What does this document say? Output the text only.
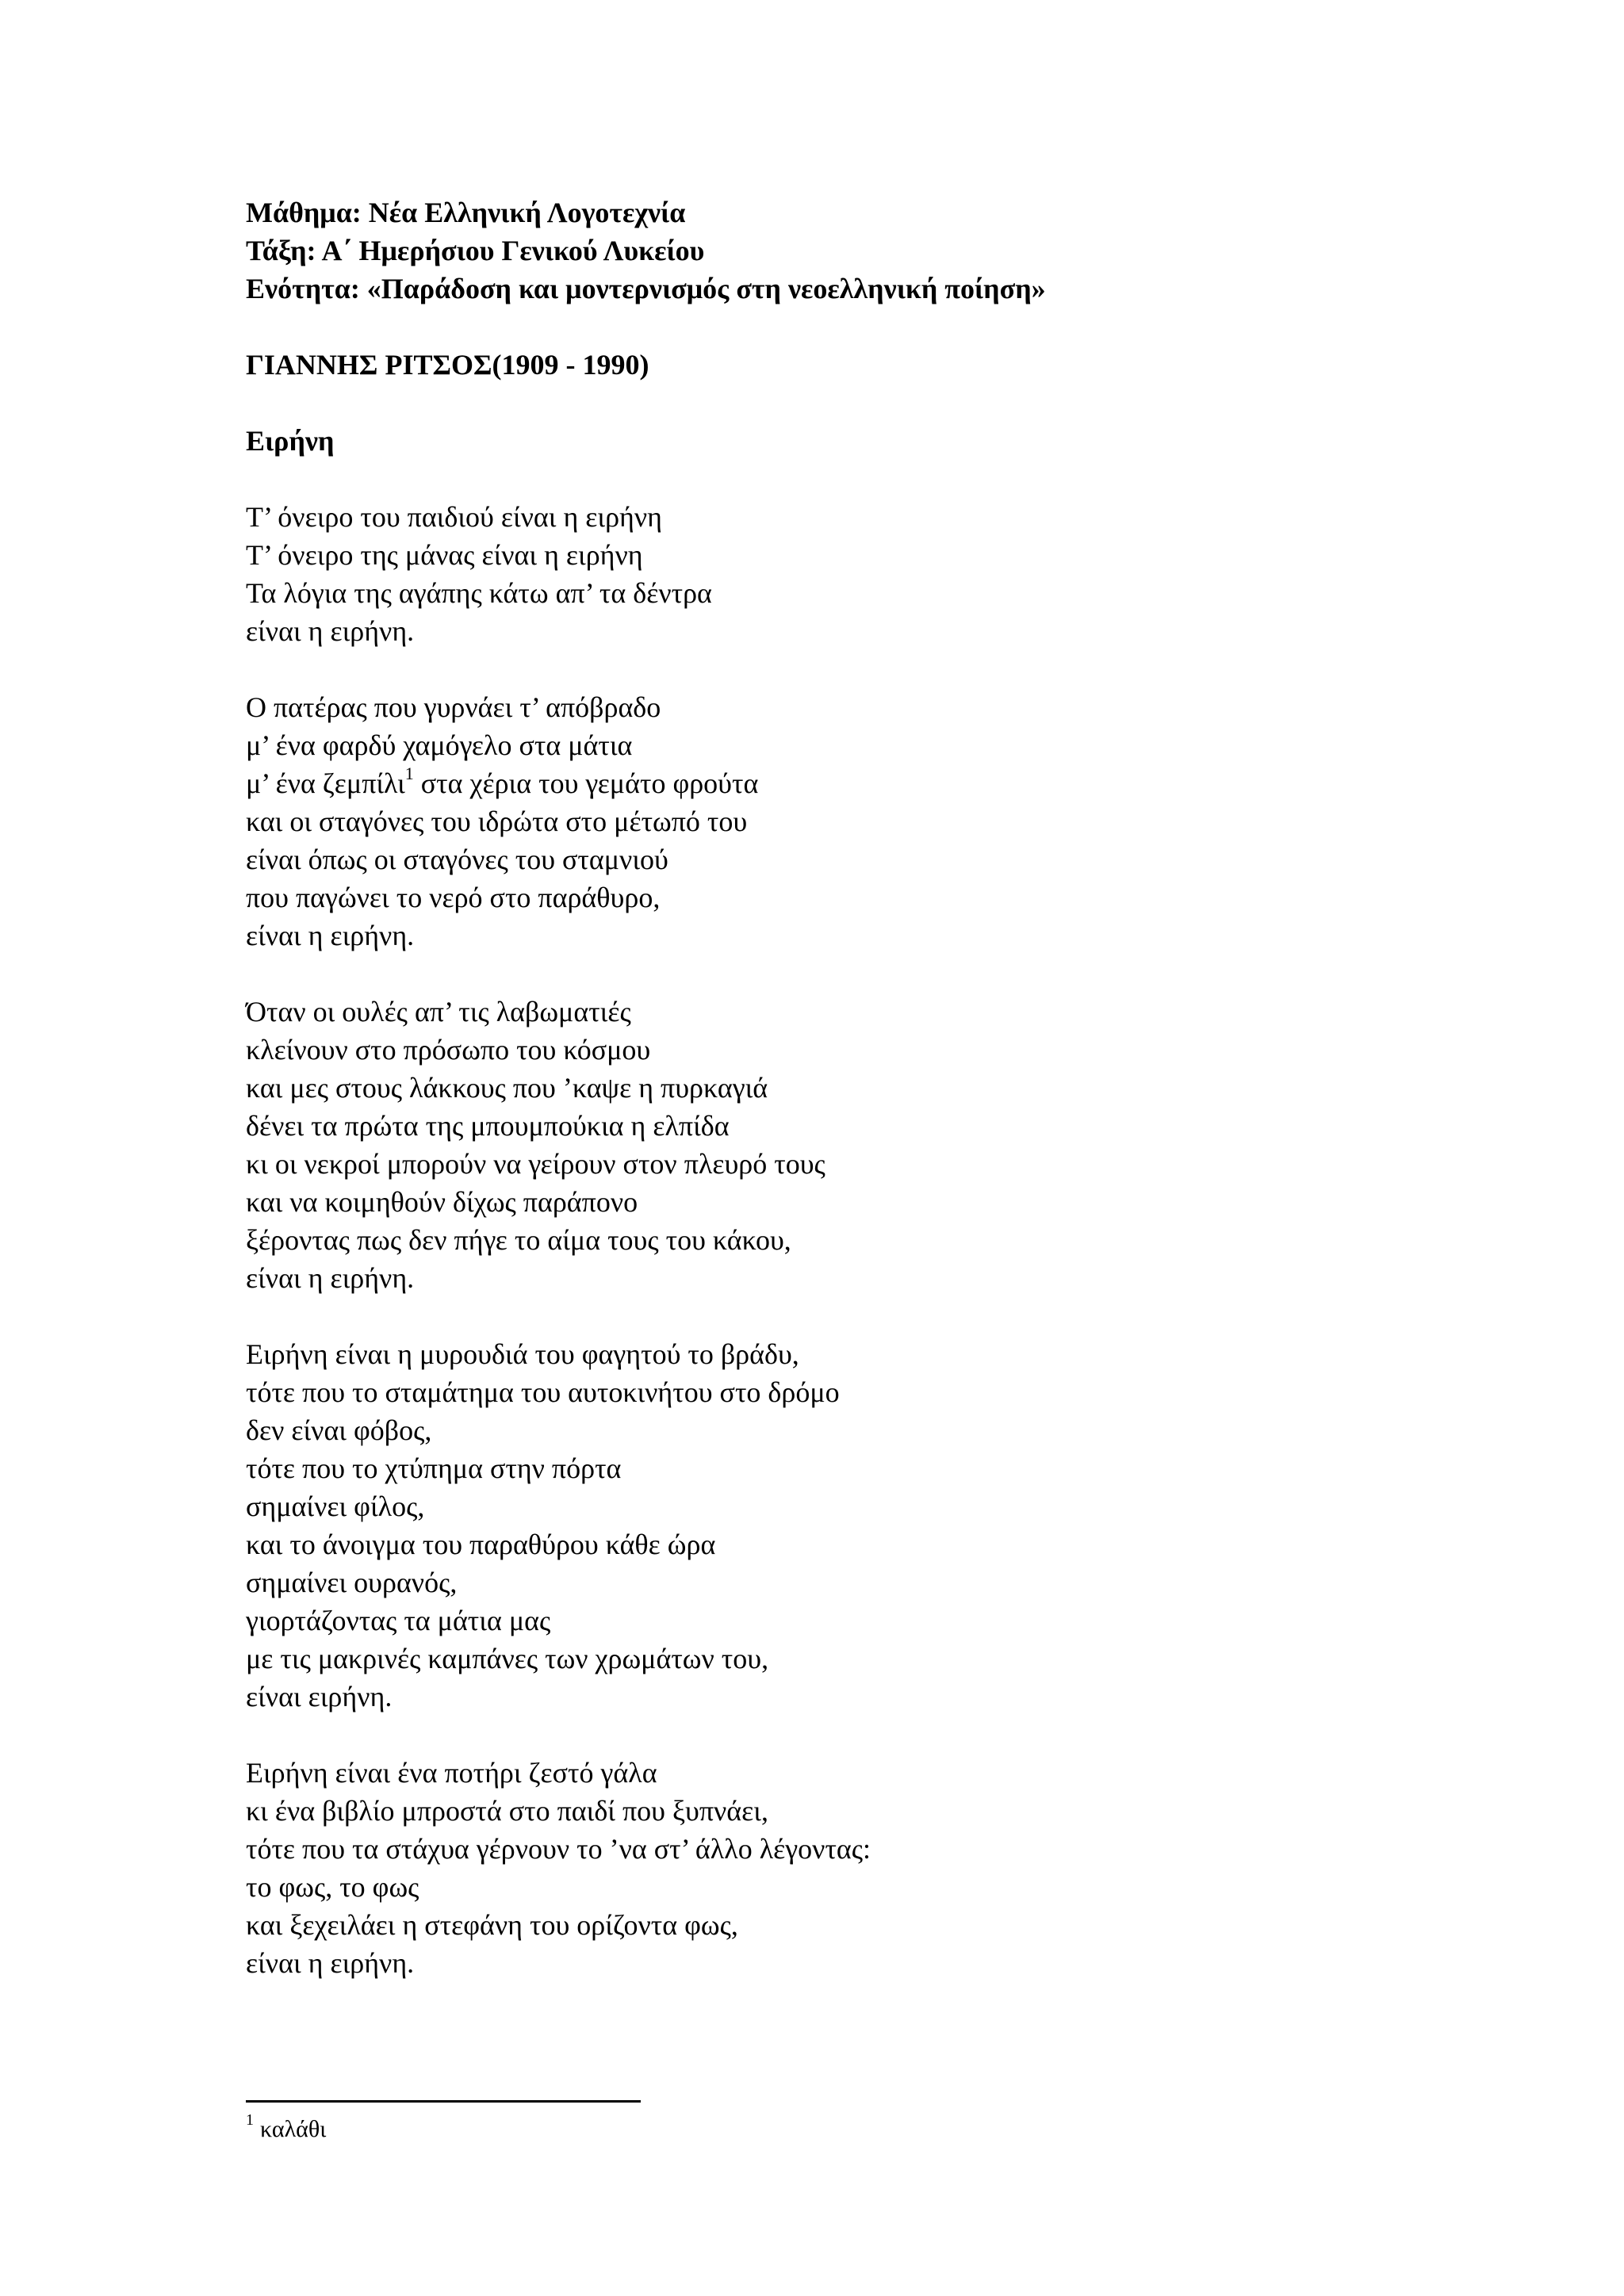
Μάθημα: Νέα Ελληνική Λογοτεχνία

Τάξη: Α΄ Ημερήσιου Γενικού Λυκείου

Ενότητα: «Παράδοση και μοντερνισμός στη νεοελληνική ποίηση»

ΓΙΑΝΝΗΣ ΡΙΤΣΟΣ(1909 - 1990)

Ειρήνη

Τ’ όνειρο του παιδιού είναι η ειρήνη

Τ’ όνειρο της μάνας είναι η ειρήνη

Τα λόγια της αγάπης κάτω απ’ τα δέντρα

είναι η ειρήνη.

Ο πατέρας που γυρνάει τ’ απόβραδο

μ’ ένα φαρδύ χαμόγελο στα μάτια

μ’ ένα ζεμπίλι$^1$ στα χέρια του γεμάτο φρούτα

και οι σταγόνες του ιδρώτα στο μέτωπό του

είναι όπως οι σταγόνες του σταμνιού

που παγώνει το νερό στο παράθυρο,

είναι η ειρήνη.

Όταν οι ουλές απ’ τις λαβωματιές

κλείνουν στο πρόσωπο του κόσμου

και μες στους λάκκους που ’καψε η πυρκαγιά

δένει τα πρώτα της μπουμπούκια η ελπίδα

κι οι νεκροί μπορούν να γείρουν στον πλευρό τους

και να κοιμηθούν δίχως παράπονο

ξέροντας πως δεν πήγε το αίμα τους του κάκου,

είναι η ειρήνη.

Ειρήνη είναι η μυρουδιά του φαγητού το βράδυ,

τότε που το σταμάτημα του αυτοκινήτου στο δρόμο

δεν είναι φόβος,

τότε που το χτύπημα στην πόρτα

σημαίνει φίλος,

και το άνοιγμα του παραθύρου κάθε ώρα

σημαίνει ουρανός,

γιορτάζοντας τα μάτια μας

με τις μακρινές καμπάνες των χρωμάτων του,

είναι ειρήνη.

Ειρήνη είναι ένα ποτήρι ζεστό γάλα

κι ένα βιβλίο μπροστά στο παιδί που ξυπνάει,

τότε που τα στάχυα γέρνουν το ’να στ’ άλλο λέγοντας:

το φως, το φως

και ξεχειλάει η στεφάνη του ορίζοντα φως,

είναι η ειρήνη.

$^1$ καλάθι
